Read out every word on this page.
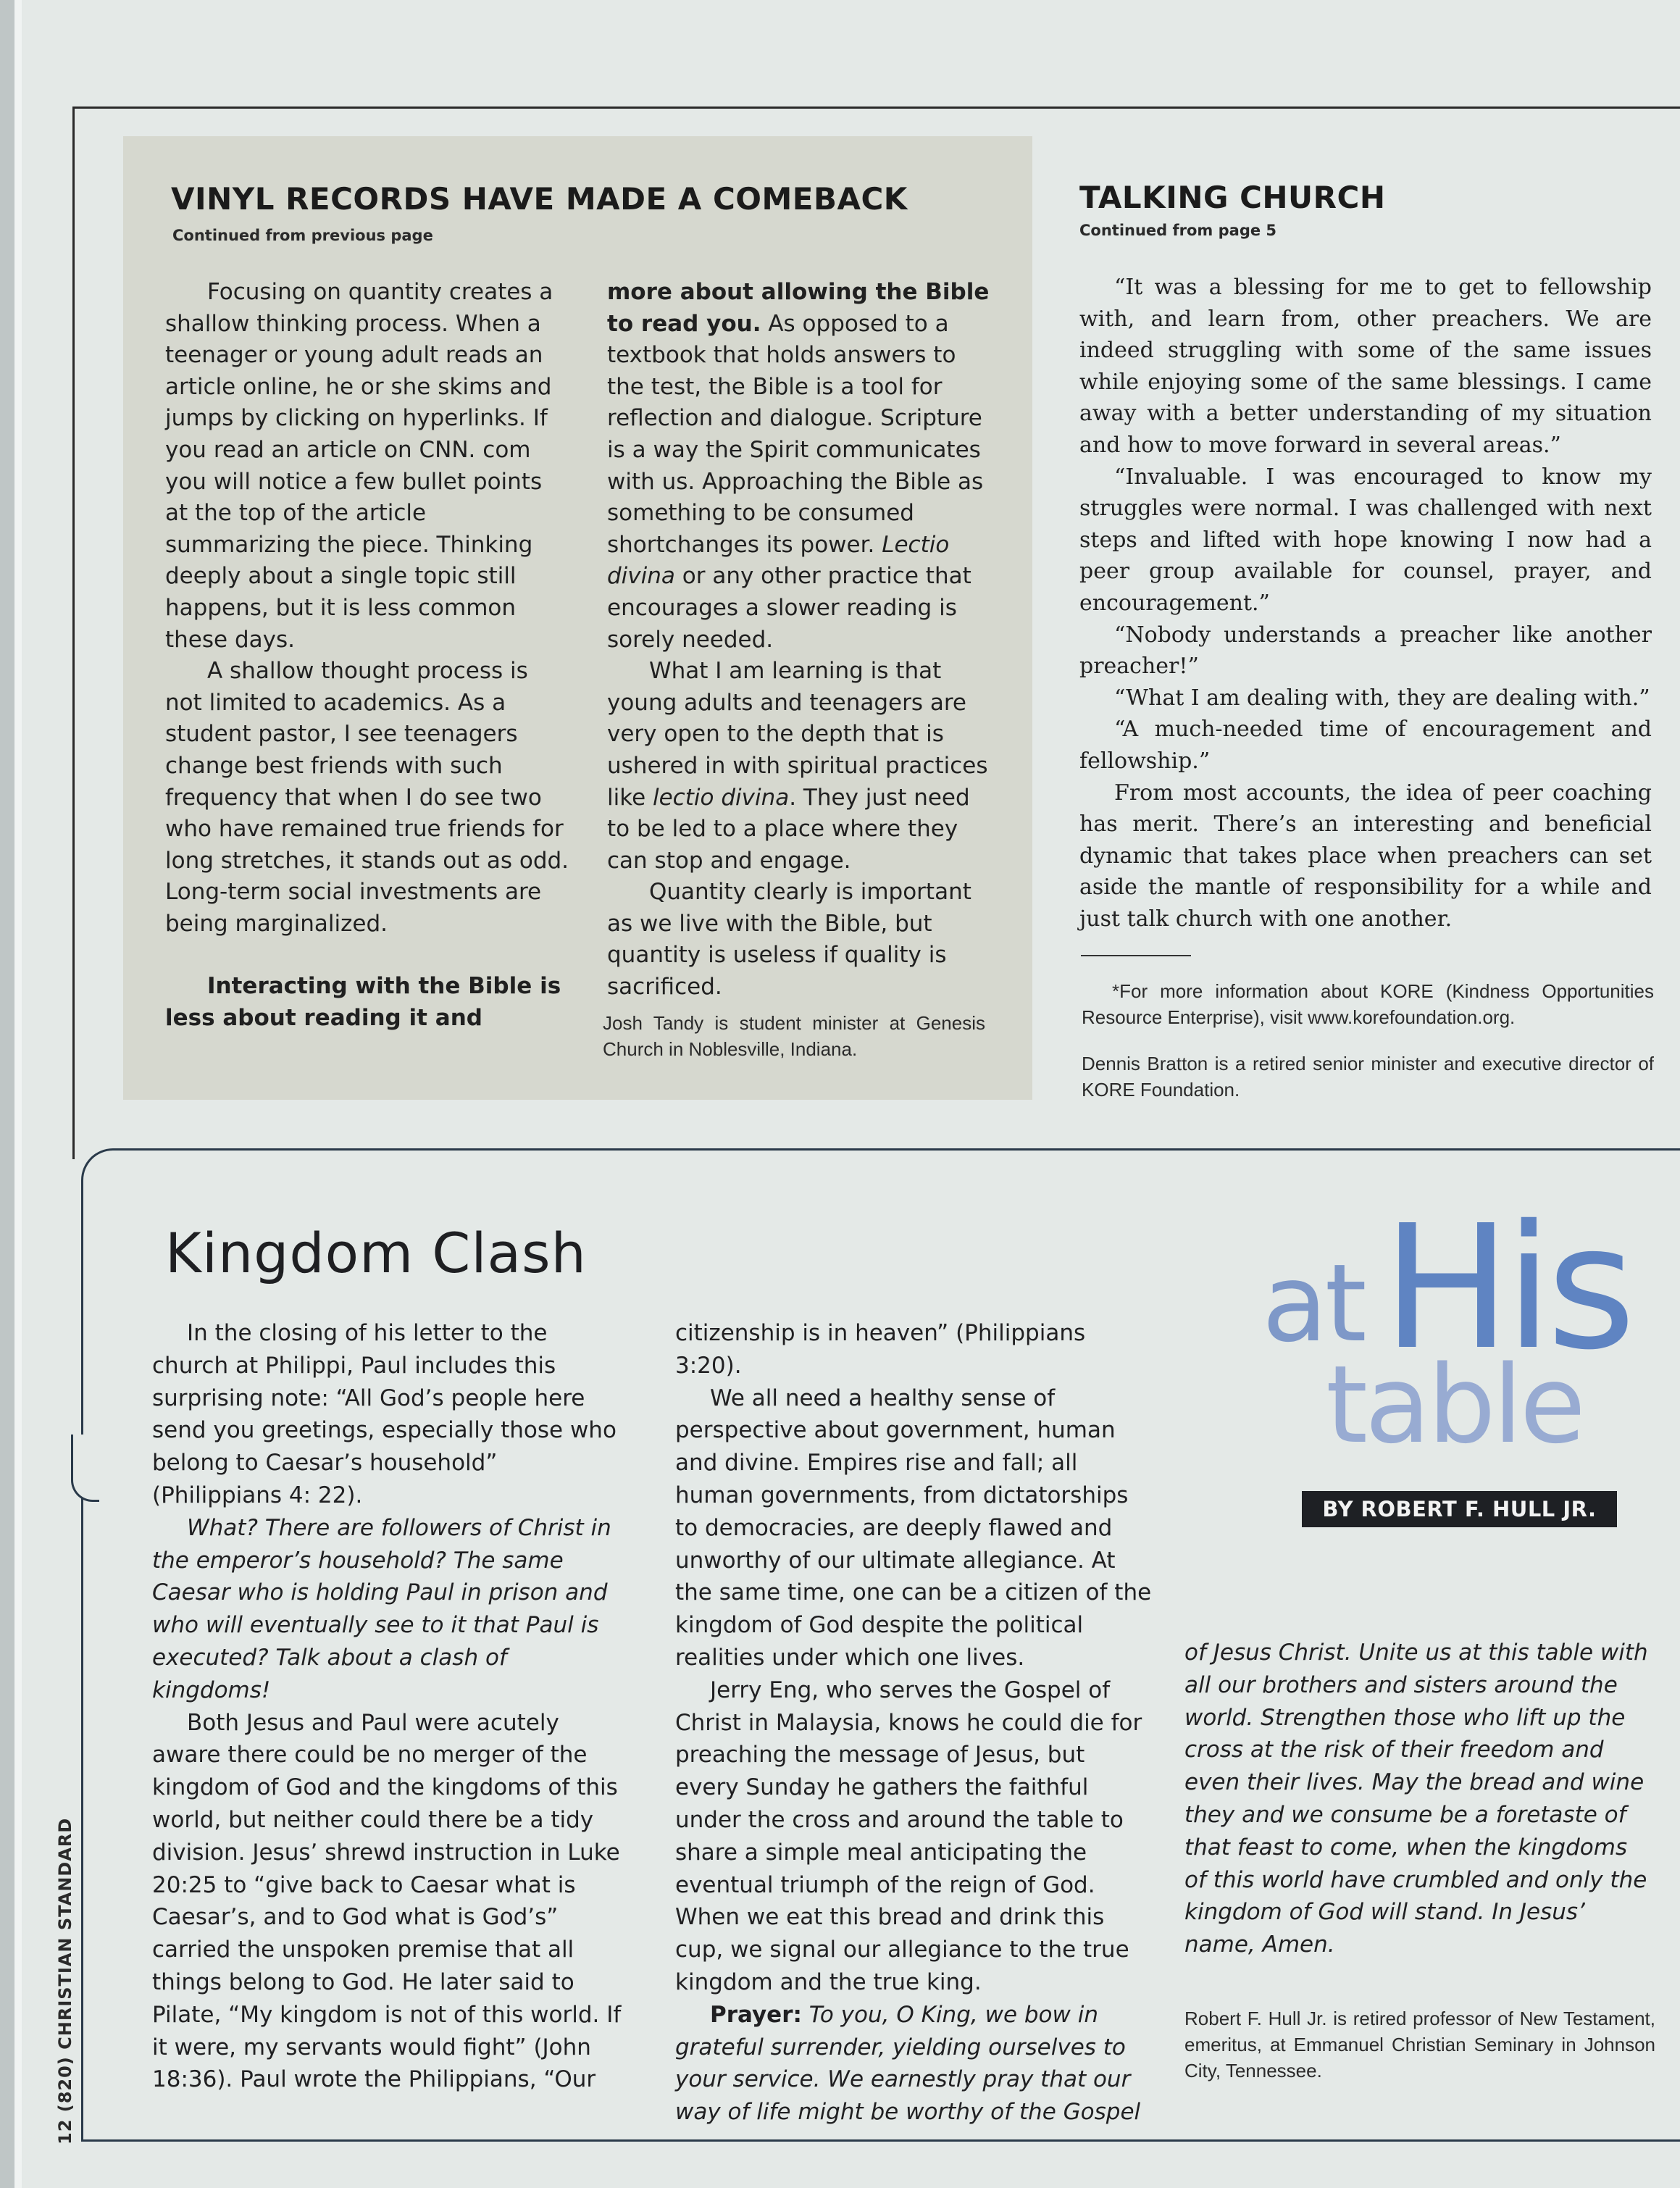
VINYL RECORDS HAVE MADE A COMEBACK
Continued from previous page

Focusing on quantity creates a shallow thinking process. When a teenager or young adult reads an article online, he or she skims and jumps by clicking on hyperlinks. If you read an article on CNN. com you will notice a few bullet points at the top of the article summarizing the piece. Thinking deeply about a single topic still happens, but it is less common these days.

A shallow thought process is not limited to academics. As a student pastor, I see teenagers change best friends with such frequency that when I do see two who have remained true friends for long stretches, it stands out as odd. Long-term social investments are being marginalized.

Interacting with the Bible is less about reading it and

more about allowing the Bible to read you. As opposed to a textbook that holds answers to the test, the Bible is a tool for reflection and dialogue. Scripture is a way the Spirit communicates with us. Approaching the Bible as something to be consumed shortchanges its power. Lectio divina or any other practice that encourages a slower reading is sorely needed.

What I am learning is that young adults and teenagers are very open to the depth that is ushered in with spiritual practices like lectio divina. They just need to be led to a place where they can stop and engage.

Quantity clearly is important as we live with the Bible, but quantity is useless if quality is sacrificed.

Josh Tandy is student minister at Genesis Church in Noblesville, Indiana.

TALKING CHURCH
Continued from page 5

“It was a blessing for me to get to fellowship with, and learn from, other preachers. We are indeed struggling with some of the same issues while enjoying some of the same blessings. I came away with a better understanding of my situation and how to move forward in several areas.”

“Invaluable. I was encouraged to know my struggles were normal. I was challenged with next steps and lifted with hope knowing I now had a peer group available for counsel, prayer, and encouragement.”

“Nobody understands a preacher like another preacher!”

“What I am dealing with, they are dealing with.”

“A much-needed time of encouragement and fellowship.”

From most accounts, the idea of peer coaching has merit. There’s an interesting and beneficial dynamic that takes place when preachers can set aside the mantle of responsibility for a while and just talk church with one another.

*For more information about KORE (Kindness Opportunities Resource Enterprise), visit www.korefoundation.org.

Dennis Bratton is a retired senior minister and executive director of KORE Foundation.

Kingdom Clash

In the closing of his letter to the church at Philippi, Paul includes this surprising note: “All God’s people here send you greetings, especially those who belong to Caesar’s household” (Philippians 4: 22).

What? There are followers of Christ in the emperor’s household? The same Caesar who is holding Paul in prison and who will eventually see to it that Paul is executed? Talk about a clash of kingdoms!

Both Jesus and Paul were acutely aware there could be no merger of the kingdom of God and the kingdoms of this world, but neither could there be a tidy division. Jesus’ shrewd instruction in Luke 20:25 to “give back to Caesar what is Caesar’s, and to God what is God’s” carried the unspoken premise that all things belong to God. He later said to Pilate, “My kingdom is not of this world. If it were, my servants would fight” (John 18:36). Paul wrote the Philippians, “Our

citizenship is in heaven” (Philippians 3:20).

We all need a healthy sense of perspective about government, human and divine. Empires rise and fall; all human governments, from dictatorships to democracies, are deeply flawed and unworthy of our ultimate allegiance. At the same time, one can be a citizen of the kingdom of God despite the political realities under which one lives.

Jerry Eng, who serves the Gospel of Christ in Malaysia, knows he could die for preaching the message of Jesus, but every Sunday he gathers the faithful under the cross and around the table to share a simple meal anticipating the eventual triumph of the reign of God. When we eat this bread and drink this cup, we signal our allegiance to the true kingdom and the true king.

Prayer: To you, O King, we bow in grateful surrender, yielding ourselves to your service. We earnestly pray that our way of life might be worthy of the Gospel

of Jesus Christ. Unite us at this table with all our brothers and sisters around the world. Strengthen those who lift up the cross at the risk of their freedom and even their lives. May the bread and wine they and we consume be a foretaste of that feast to come, when the kingdoms of this world have crumbled and only the kingdom of God will stand. In Jesus’ name, Amen.

Robert F. Hull Jr. is retired professor of New Testament, emeritus, at Emmanuel Christian Seminary in Johnson City, Tennessee.

at His
table
BY ROBERT F. HULL JR.
12 (820) CHRISTIAN STANDARD
